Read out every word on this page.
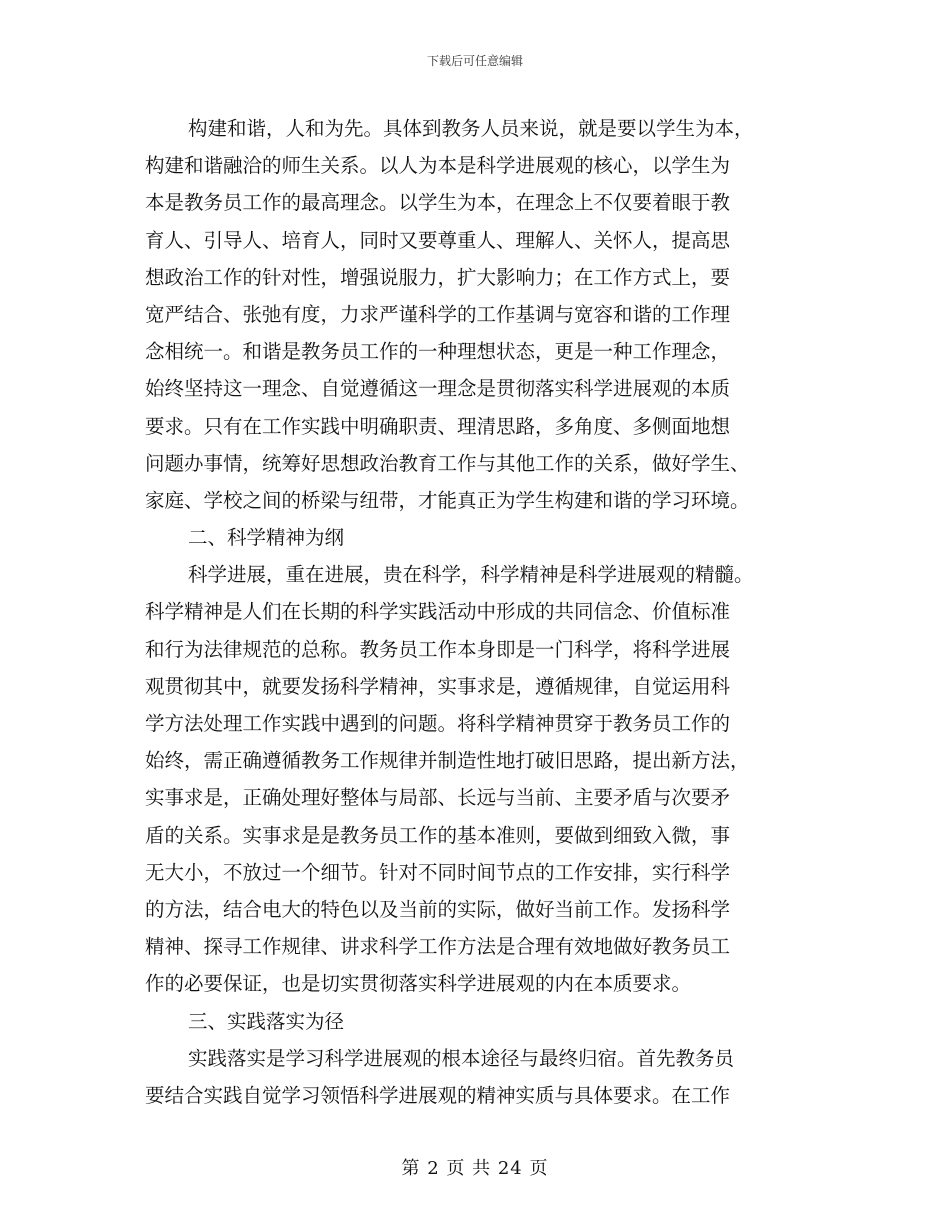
下载后可任意编辑
构建和谐，人和为先。具体到教务人员来说，就是要以学生为本，
构建和谐融洽的师生关系。以人为本是科学进展观的核心，以学生为
本是教务员工作的最高理念。以学生为本，在理念上不仅要着眼于教
育人、引导人、培育人，同时又要尊重人、理解人、关怀人，提高思
想政治工作的针对性，增强说服力，扩大影响力；在工作方式上，要
宽严结合、张弛有度，力求严谨科学的工作基调与宽容和谐的工作理
念相统一。和谐是教务员工作的一种理想状态，更是一种工作理念，
始终坚持这一理念、自觉遵循这一理念是贯彻落实科学进展观的本质
要求。只有在工作实践中明确职责、理清思路，多角度、多侧面地想
问题办事情，统筹好思想政治教育工作与其他工作的关系，做好学生、
家庭、学校之间的桥梁与纽带，才能真正为学生构建和谐的学习环境。
二、科学精神为纲
科学进展，重在进展，贵在科学，科学精神是科学进展观的精髓。
科学精神是人们在长期的科学实践活动中形成的共同信念、价值标准
和行为法律规范的总称。教务员工作本身即是一门科学，将科学进展
观贯彻其中，就要发扬科学精神，实事求是，遵循规律，自觉运用科
学方法处理工作实践中遇到的问题。将科学精神贯穿于教务员工作的
始终，需正确遵循教务工作规律并制造性地打破旧思路，提出新方法，
实事求是，正确处理好整体与局部、长远与当前、主要矛盾与次要矛
盾的关系。实事求是是教务员工作的基本准则，要做到细致入微，事
无大小，不放过一个细节。针对不同时间节点的工作安排，实行科学
的方法，结合电大的特色以及当前的实际，做好当前工作。发扬科学
精神、探寻工作规律、讲求科学工作方法是合理有效地做好教务员工
作的必要保证，也是切实贯彻落实科学进展观的内在本质要求。
三、实践落实为径
实践落实是学习科学进展观的根本途径与最终归宿。首先教务员
要结合实践自觉学习领悟科学进展观的精神实质与具体要求。在工作
第 2 页 共 24 页
